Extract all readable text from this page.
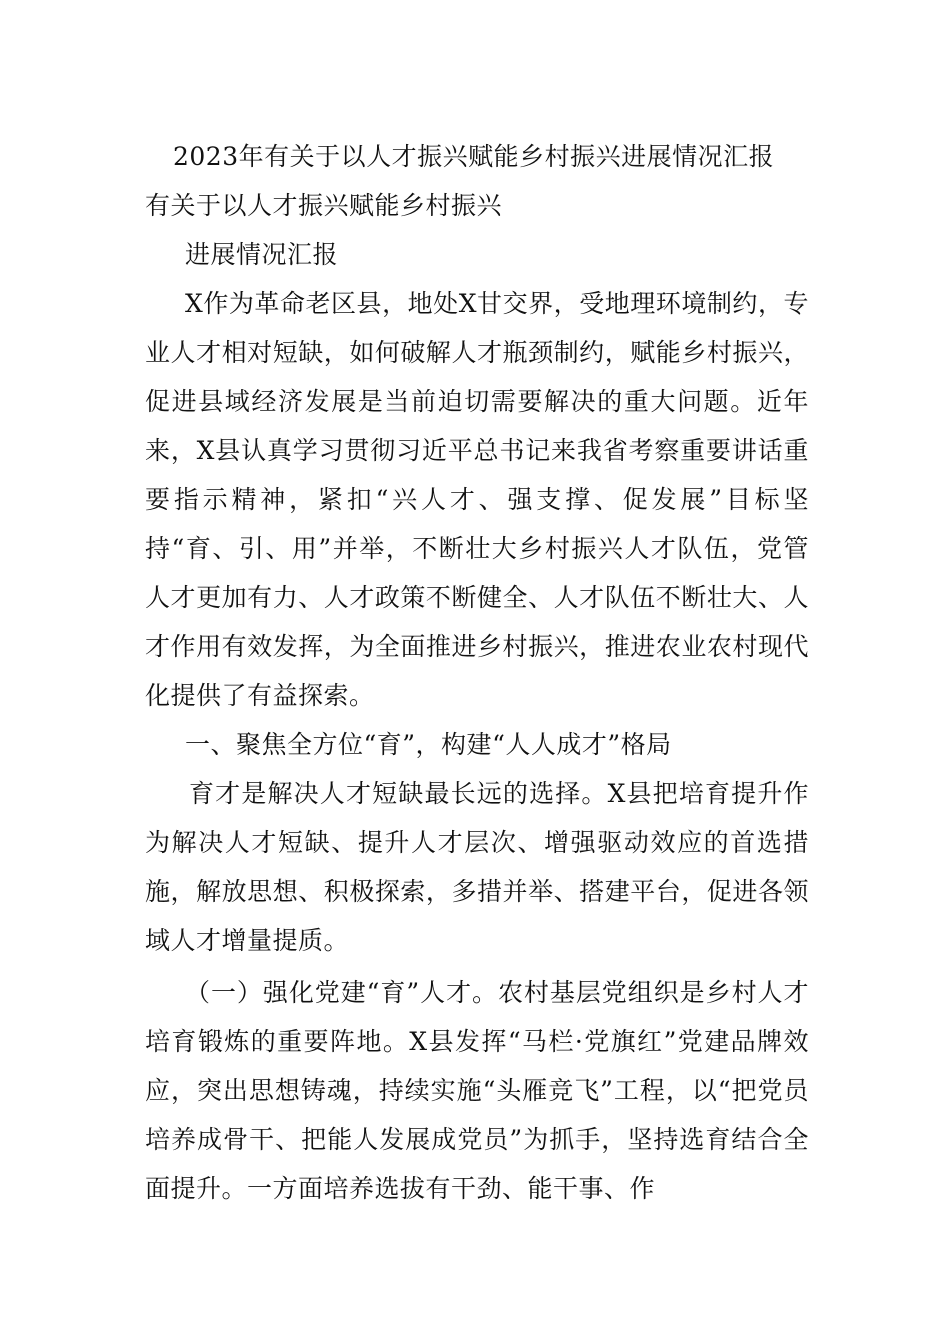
2023年有关于以人才振兴赋能乡村振兴进展情况汇报

有关于以人才振兴赋能乡村振兴

进展情况汇报

X作为革命老区县，地处X甘交界，受地理环境制约，专业人才相对短缺，如何破解人才瓶颈制约，赋能乡村振兴，促进县域经济发展是当前迫切需要解决的重大问题。近年来，X县认真学习贯彻习近平总书记来我省考察重要讲话重要指示精神，紧扣“兴人才、强支撑、促发展”目标坚持“育、引、用”并举，不断壮大乡村振兴人才队伍，党管人才更加有力、人才政策不断健全、人才队伍不断壮大、人才作用有效发挥，为全面推进乡村振兴，推进农业农村现代化提供了有益探索。

一、聚焦全方位“育”，构建“人人成才”格局

育才是解决人才短缺最长远的选择。X县把培育提升作为解决人才短缺、提升人才层次、增强驱动效应的首选措施，解放思想、积极探索，多措并举、搭建平台，促进各领域人才增量提质。

（一）强化党建“育”人才。农村基层党组织是乡村人才培育锻炼的重要阵地。X县发挥“马栏·党旗红”党建品牌效应，突出思想铸魂，持续实施“头雁竞飞”工程，以“把党员培养成骨干、把能人发展成党员”为抓手，坚持选育结合全面提升。一方面培养选拔有干劲、能干事、作
